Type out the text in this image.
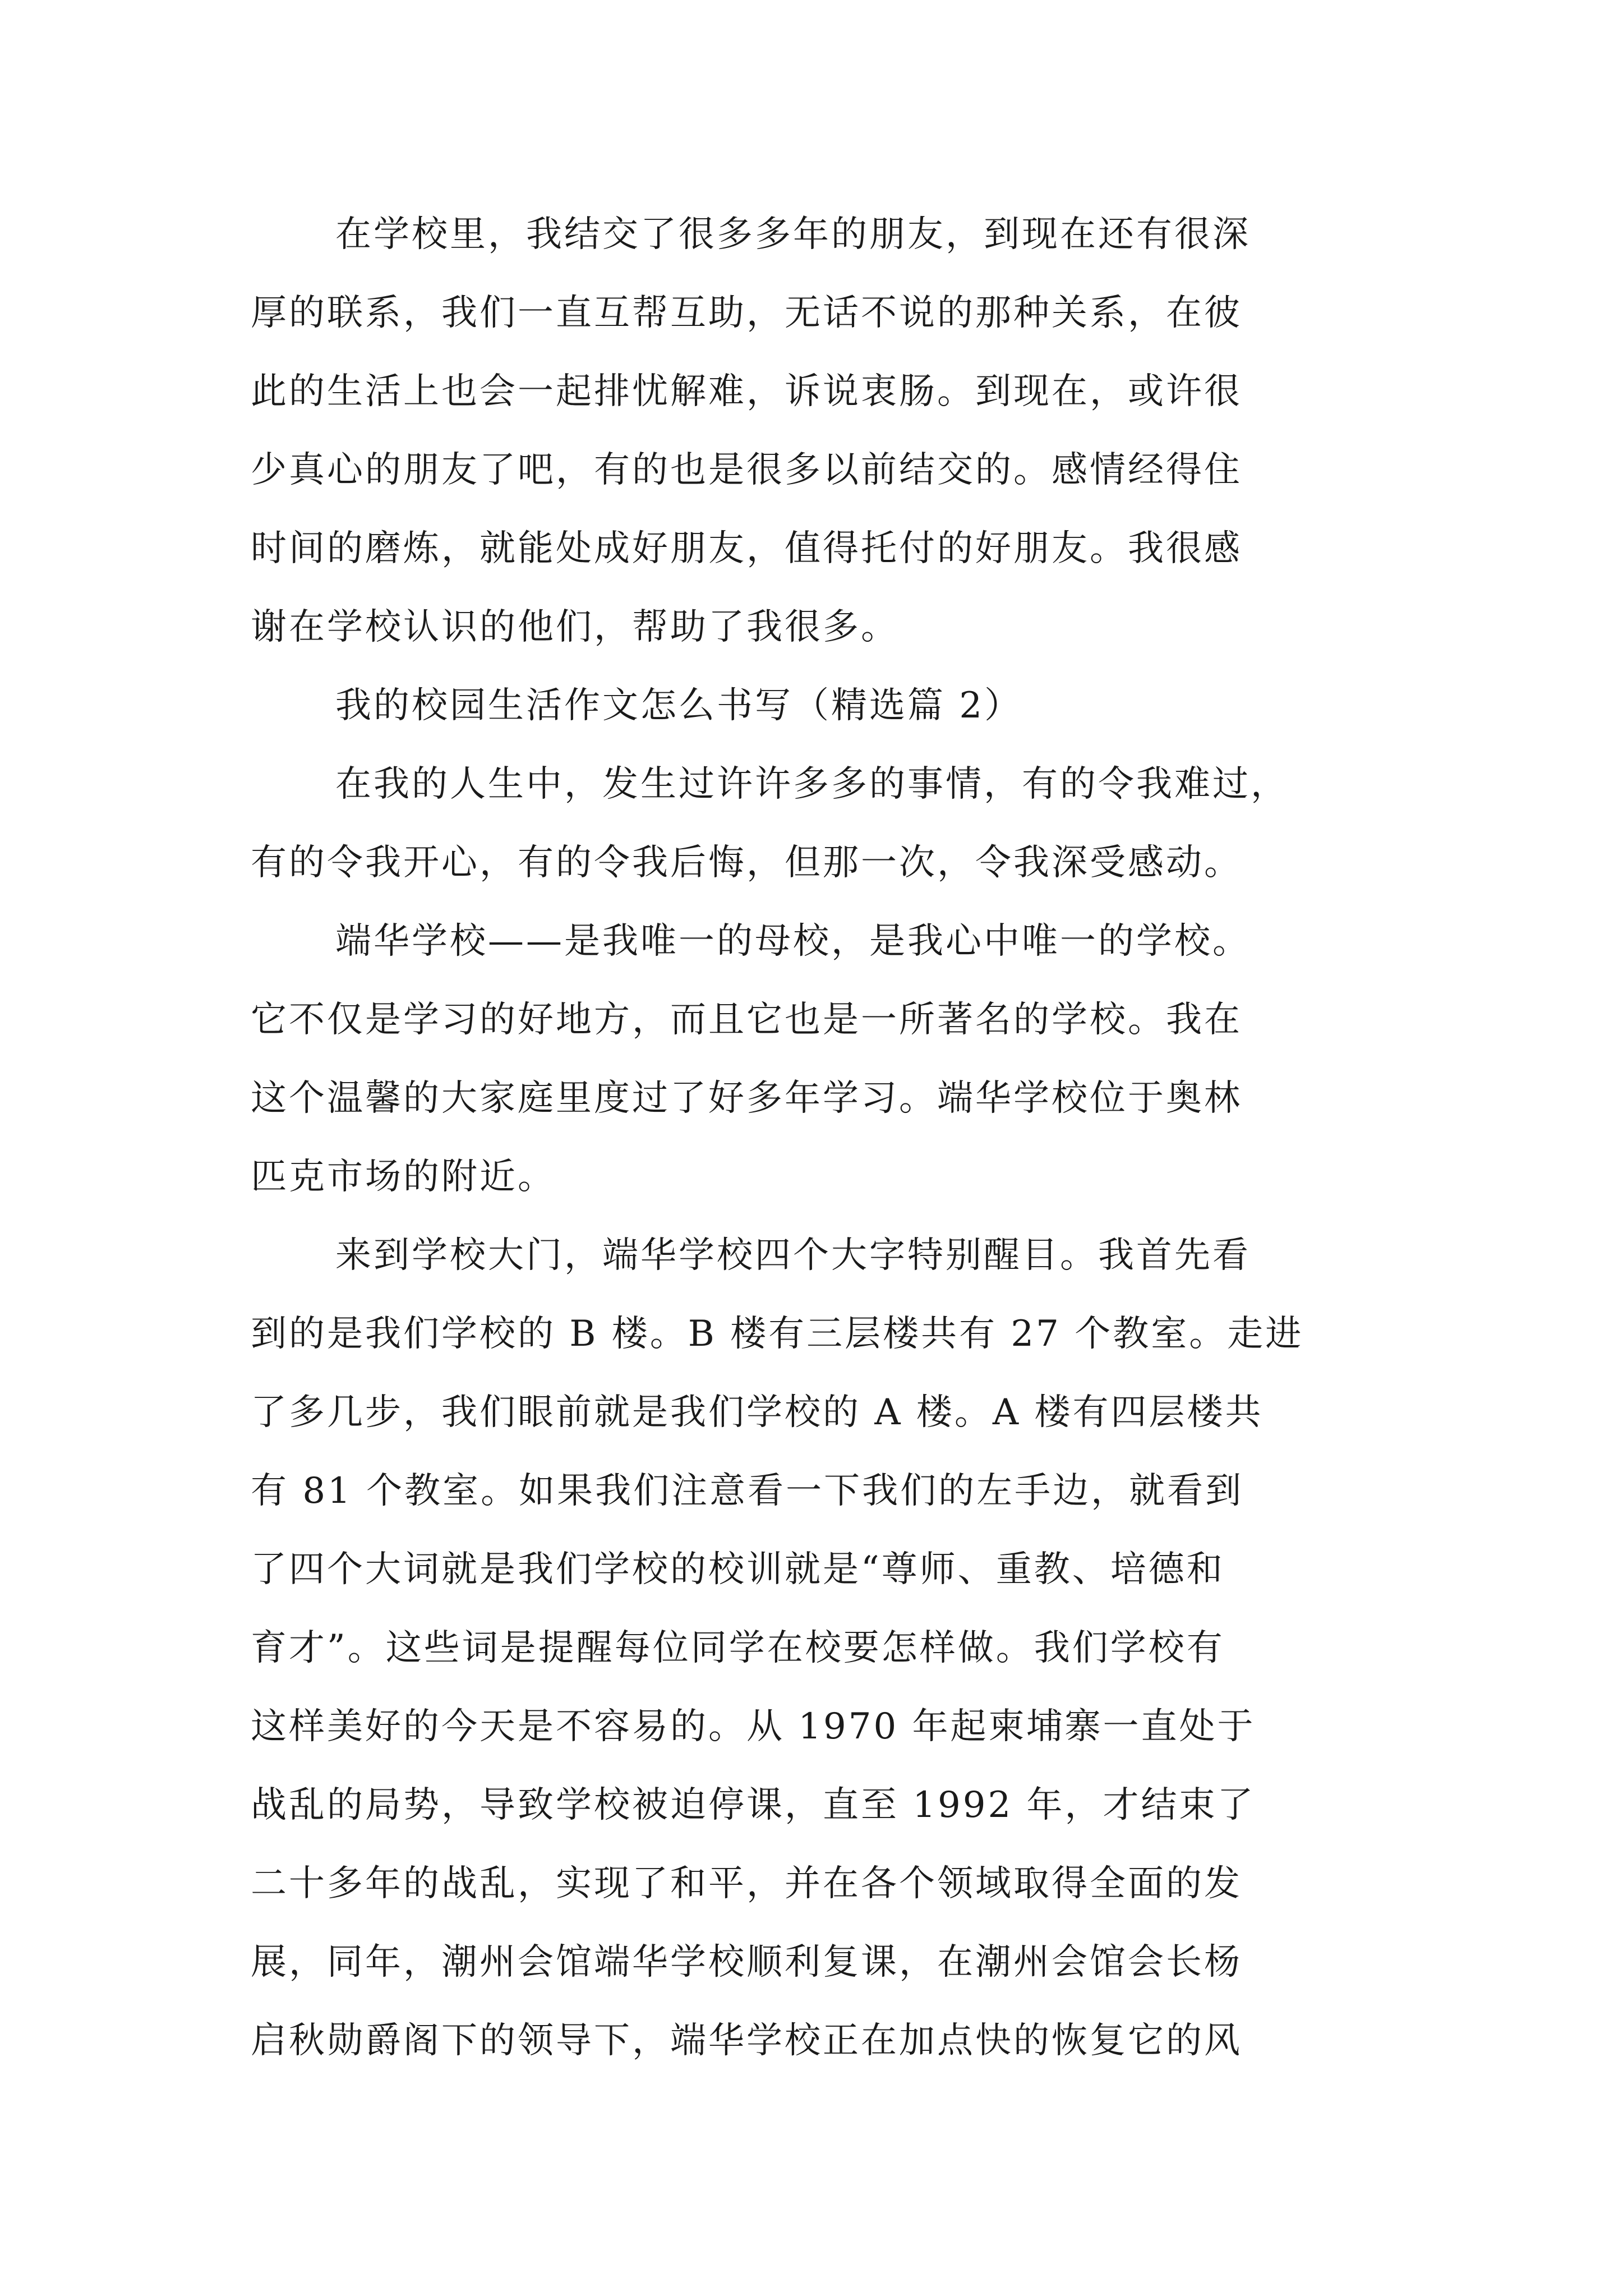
在学校里，我结交了很多多年的朋友，到现在还有很深
厚的联系，我们一直互帮互助，无话不说的那种关系，在彼
此的生活上也会一起排忧解难，诉说衷肠。到现在，或许很
少真心的朋友了吧，有的也是很多以前结交的。感情经得住
时间的磨炼，就能处成好朋友，值得托付的好朋友。我很感
谢在学校认识的他们，帮助了我很多。
我的校园生活作文怎么书写（精选篇 2）
在我的人生中，发生过许许多多的事情，有的令我难过，
有的令我开心，有的令我后悔，但那一次，令我深受感动。
端华学校——是我唯一的母校，是我心中唯一的学校。
它不仅是学习的好地方，而且它也是一所著名的学校。我在
这个温馨的大家庭里度过了好多年学习。端华学校位于奥林
匹克市场的附近。
来到学校大门，端华学校四个大字特别醒目。我首先看
到的是我们学校的 B 楼。B 楼有三层楼共有 27 个教室。走进
了多几步，我们眼前就是我们学校的 A 楼。A 楼有四层楼共
有 81 个教室。如果我们注意看一下我们的左手边，就看到
了四个大词就是我们学校的校训就是“尊师、重教、培德和
育才”。这些词是提醒每位同学在校要怎样做。我们学校有
这样美好的今天是不容易的。从 1970 年起柬埔寨一直处于
战乱的局势，导致学校被迫停课，直至 1992 年，才结束了
二十多年的战乱，实现了和平，并在各个领域取得全面的发
展，同年，潮州会馆端华学校顺利复课，在潮州会馆会长杨
启秋勋爵阁下的领导下，端华学校正在加点快的恢复它的风
